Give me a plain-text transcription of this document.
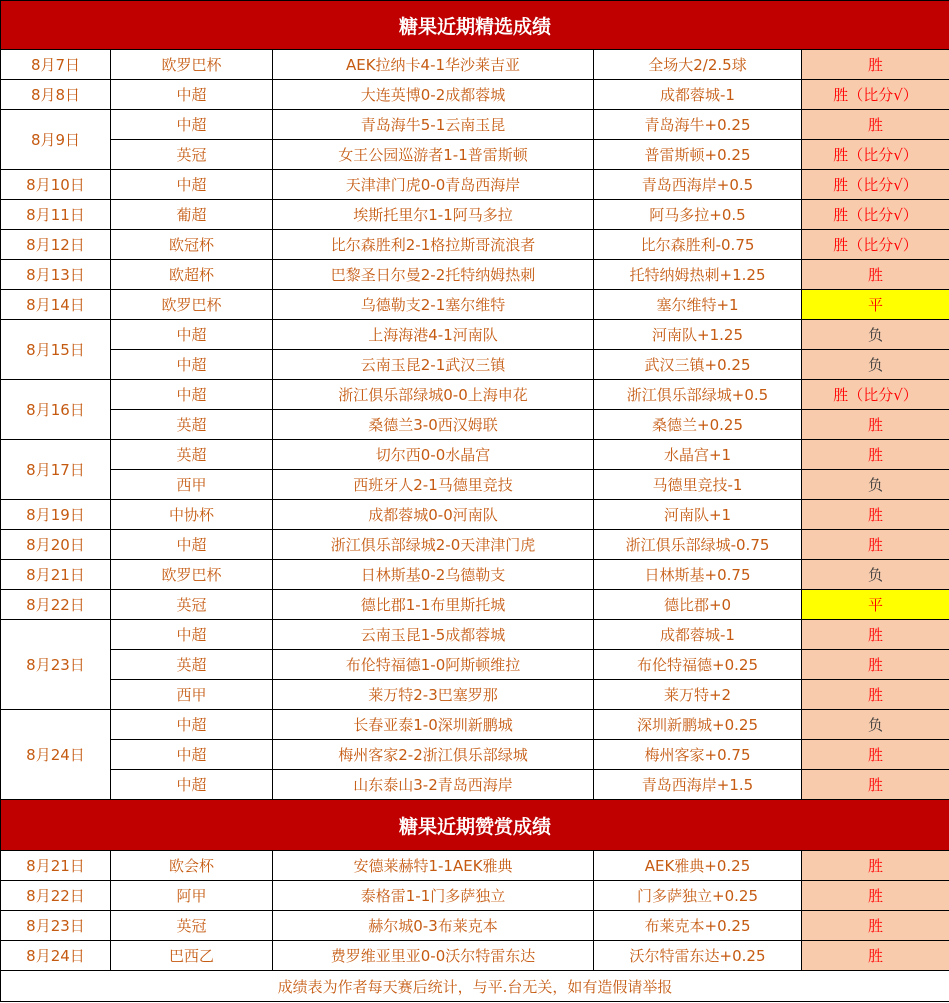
糖果近期精选成绩				
8月7日	欧罗巴杯	AEK拉纳卡4-1华沙莱吉亚	全场大2/2.5球	胜
8月8日	中超	大连英博0-2成都蓉城	成都蓉城-1	胜（比分√）
8月9日	中超	青岛海牛5-1云南玉昆	青岛海牛+0.25	胜
	英冠	女王公园巡游者1-1普雷斯顿	普雷斯顿+0.25	胜（比分√）
8月10日	中超	天津津门虎0-0青岛西海岸	青岛西海岸+0.5	胜（比分√）
8月11日	葡超	埃斯托里尔1-1阿马多拉	阿马多拉+0.5	胜（比分√）
8月12日	欧冠杯	比尔森胜利2-1格拉斯哥流浪者	比尔森胜利-0.75	胜（比分√）
8月13日	欧超杯	巴黎圣日尔曼2-2托特纳姆热刺	托特纳姆热刺+1.25	胜
8月14日	欧罗巴杯	乌德勒支2-1塞尔维特	塞尔维特+1	平
8月15日	中超	上海海港4-1河南队	河南队+1.25	负
	中超	云南玉昆2-1武汉三镇	武汉三镇+0.25	负
8月16日	中超	浙江俱乐部绿城0-0上海申花	浙江俱乐部绿城+0.5	胜（比分√）
	英超	桑德兰3-0西汉姆联	桑德兰+0.25	胜
8月17日	英超	切尔西0-0水晶宫	水晶宫+1	胜
	西甲	西班牙人2-1马德里竞技	马德里竞技-1	负
8月19日	中协杯	成都蓉城0-0河南队	河南队+1	胜
8月20日	中超	浙江俱乐部绿城2-0天津津门虎	浙江俱乐部绿城-0.75	胜
8月21日	欧罗巴杯	日林斯基0-2乌德勒支	日林斯基+0.75	负
8月22日	英冠	德比郡1-1布里斯托城	德比郡+0	平
8月23日	中超	云南玉昆1-5成都蓉城	成都蓉城-1	胜
	英超	布伦特福德1-0阿斯顿维拉	布伦特福德+0.25	胜
	西甲	莱万特2-3巴塞罗那	莱万特+2	胜
8月24日	中超	长春亚泰1-0深圳新鹏城	深圳新鹏城+0.25	负
	中超	梅州客家2-2浙江俱乐部绿城	梅州客家+0.75	胜
	中超	山东泰山3-2青岛西海岸	青岛西海岸+1.5	胜
糖果近期赞赏成绩				
8月21日	欧会杯	安德莱赫特1-1AEK雅典	AEK雅典+0.25	胜
8月22日	阿甲	泰格雷1-1门多萨独立	门多萨独立+0.25	胜
8月23日	英冠	赫尔城0-3布莱克本	布莱克本+0.25	胜
8月24日	巴西乙	费罗维亚里亚0-0沃尔特雷东达	沃尔特雷东达+0.25	胜
成绩表为作者每天赛后统计，与平.台无关，如有造假请举报				
